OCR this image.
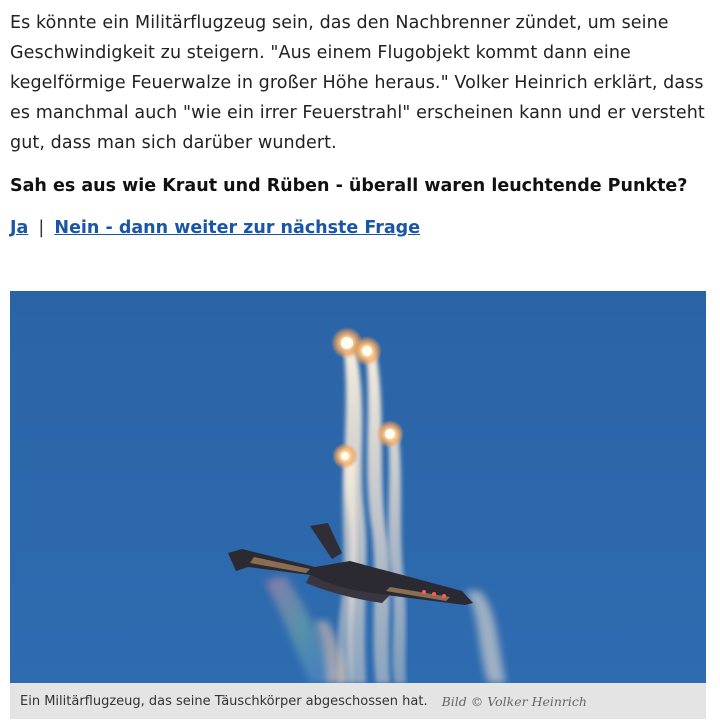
Es könnte ein Militärflugzeug sein, das den Nachbrenner zündet, um seine Geschwindigkeit zu steigern. "Aus einem Flugobjekt kommt dann eine kegelförmige Feuerwalze in großer Höhe heraus." Volker Heinrich erklärt, dass es manchmal auch "wie ein irrer Feuerstrahl" erscheinen kann und er versteht gut, dass man sich darüber wundert.

Sah es aus wie Kraut und Rüben - überall waren leuchtende Punkte?

Ja | Nein - dann weiter zur nächste Frage

Ein Militärflugzeug, das seine Täuschkörper abgeschossen hat. Bild © Volker Heinrich
